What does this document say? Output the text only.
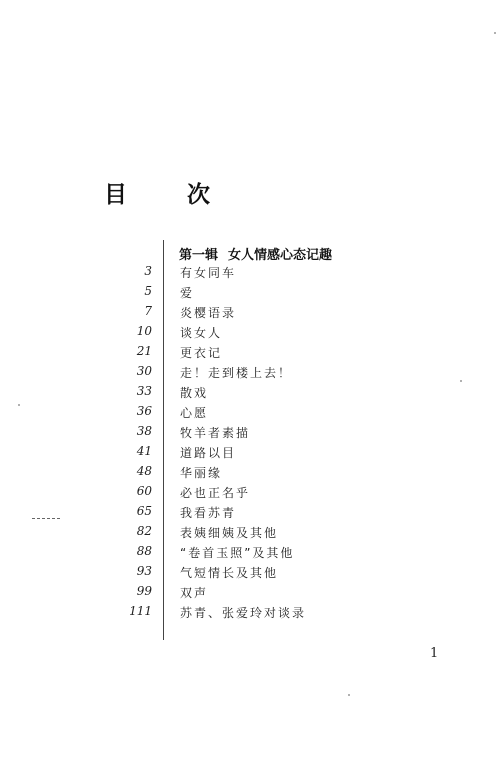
目 次
第一辑 女人情感心态记趣
3 有女同车
5 爱
7 炎樱语录
10 谈女人
21 更衣记
30 走！走到楼上去！
33 散戏
36 心愿
38 牧羊者素描
41 道路以目
48 华丽缘
60 必也正名乎
65 我看苏青
82 表姨细姨及其他
88 “卷首玉照”及其他
93 气短情长及其他
99 双声
111 苏青、张爱玲对谈录
1
